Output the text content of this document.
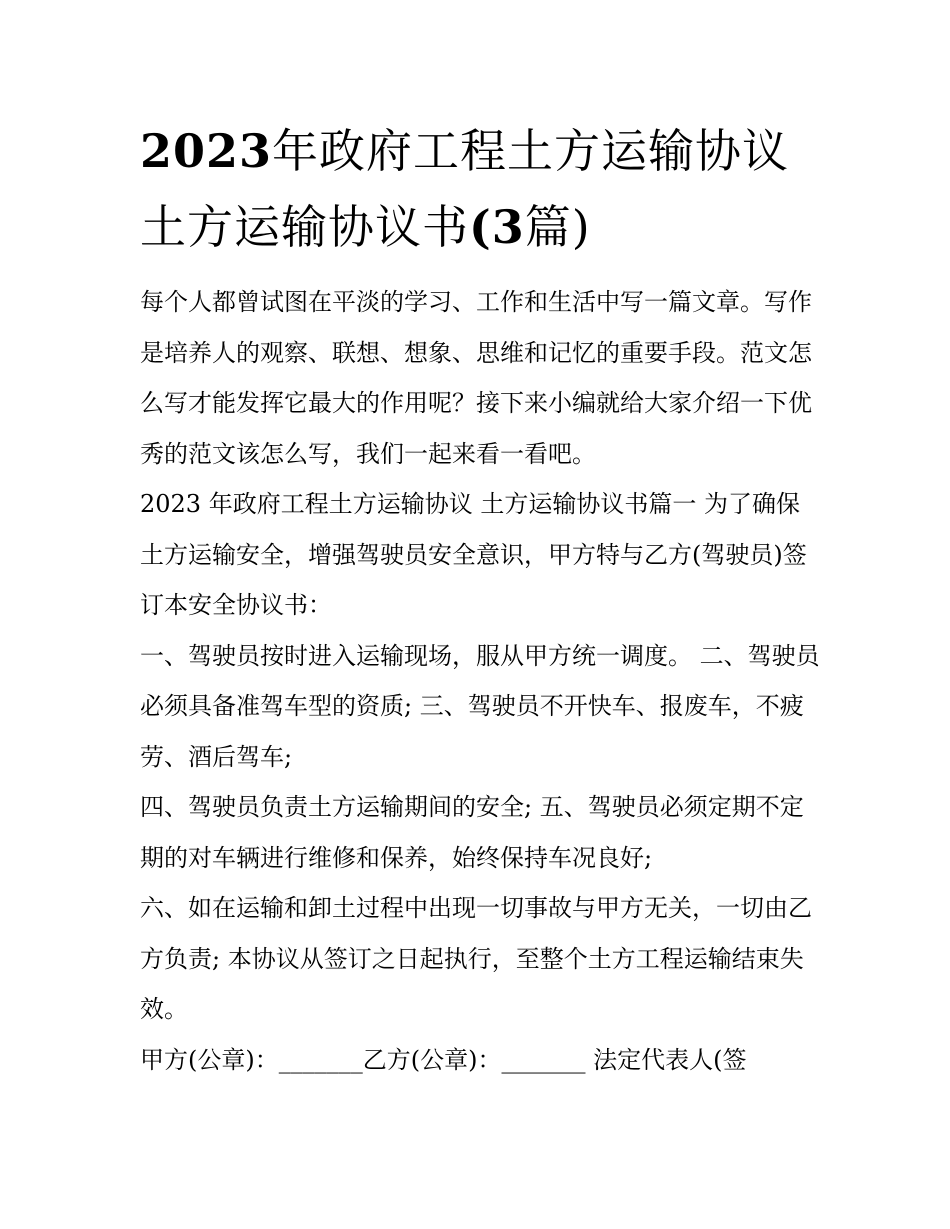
2023年政府工程土方运输协议
土方运输协议书(3篇)

每个人都曾试图在平淡的学习、工作和生活中写一篇文章。写作是培养人的观察、联想、想象、思维和记忆的重要手段。范文怎么写才能发挥它最大的作用呢？接下来小编就给大家介绍一下优秀的范文该怎么写，我们一起来看一看吧。

2023 年政府工程土方运输协议 土方运输协议书篇一 为了确保土方运输安全，增强驾驶员安全意识，甲方特与乙方(驾驶员)签订本安全协议书：

一、驾驶员按时进入运输现场，服从甲方统一调度。 二、驾驶员必须具备准驾车型的资质; 三、驾驶员不开快车、报废车，不疲劳、酒后驾车;

四、驾驶员负责土方运输期间的安全; 五、驾驶员必须定期不定期的对车辆进行维修和保养，始终保持车况良好;

六、如在运输和卸土过程中出现一切事故与甲方无关，一切由乙方负责; 本协议从签订之日起执行，至整个土方工程运输结束失效。

甲方(公章)：_______乙方(公章)：_______ 法定代表人(签
